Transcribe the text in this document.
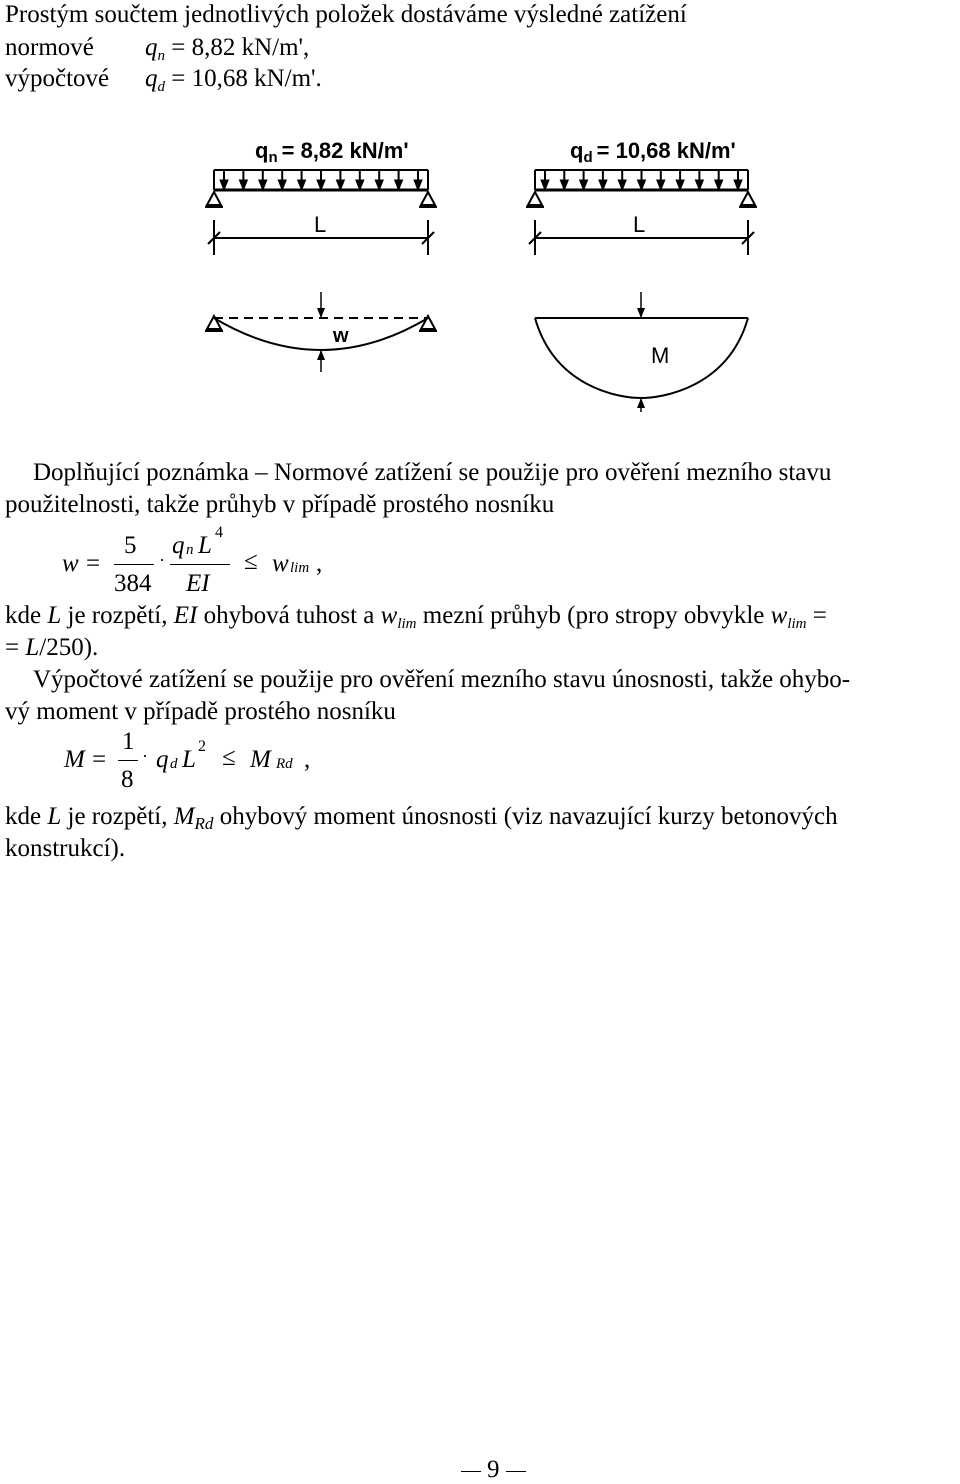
Prostým součtem jednotlivých položek dostáváme výsledné zatížení
normové $q_n = 8,82$ kN/m',
výpočtové $q_d = 10,68$ kN/m'.
qn = 8,82 kN/m'
L
qd = 10,68 kN/m'
L
w
M
Doplňující poznámka – Normové zatížení se použije pro ověření mezního stavu
použitelnosti, takže průhyb v případě prostého nosníku
w =
5
384
·
q n L 4
EI
≤ w lim ,
kde L je rozpětí, EI ohybová tuhost a $w_{lim}$ mezní průhyb (pro stropy obvykle $w_{lim}$ =
= L/250).
Výpočtové zatížení se použije pro ověření mezního stavu únosnosti, takže ohybo-
vý moment v případě prostého nosníku
M =
1
8
· q d L 2 ≤ M Rd ,
kde L je rozpětí, $M_{Rd}$ ohybový moment únosnosti (viz navazující kurzy betonových
konstrukcí).
9
